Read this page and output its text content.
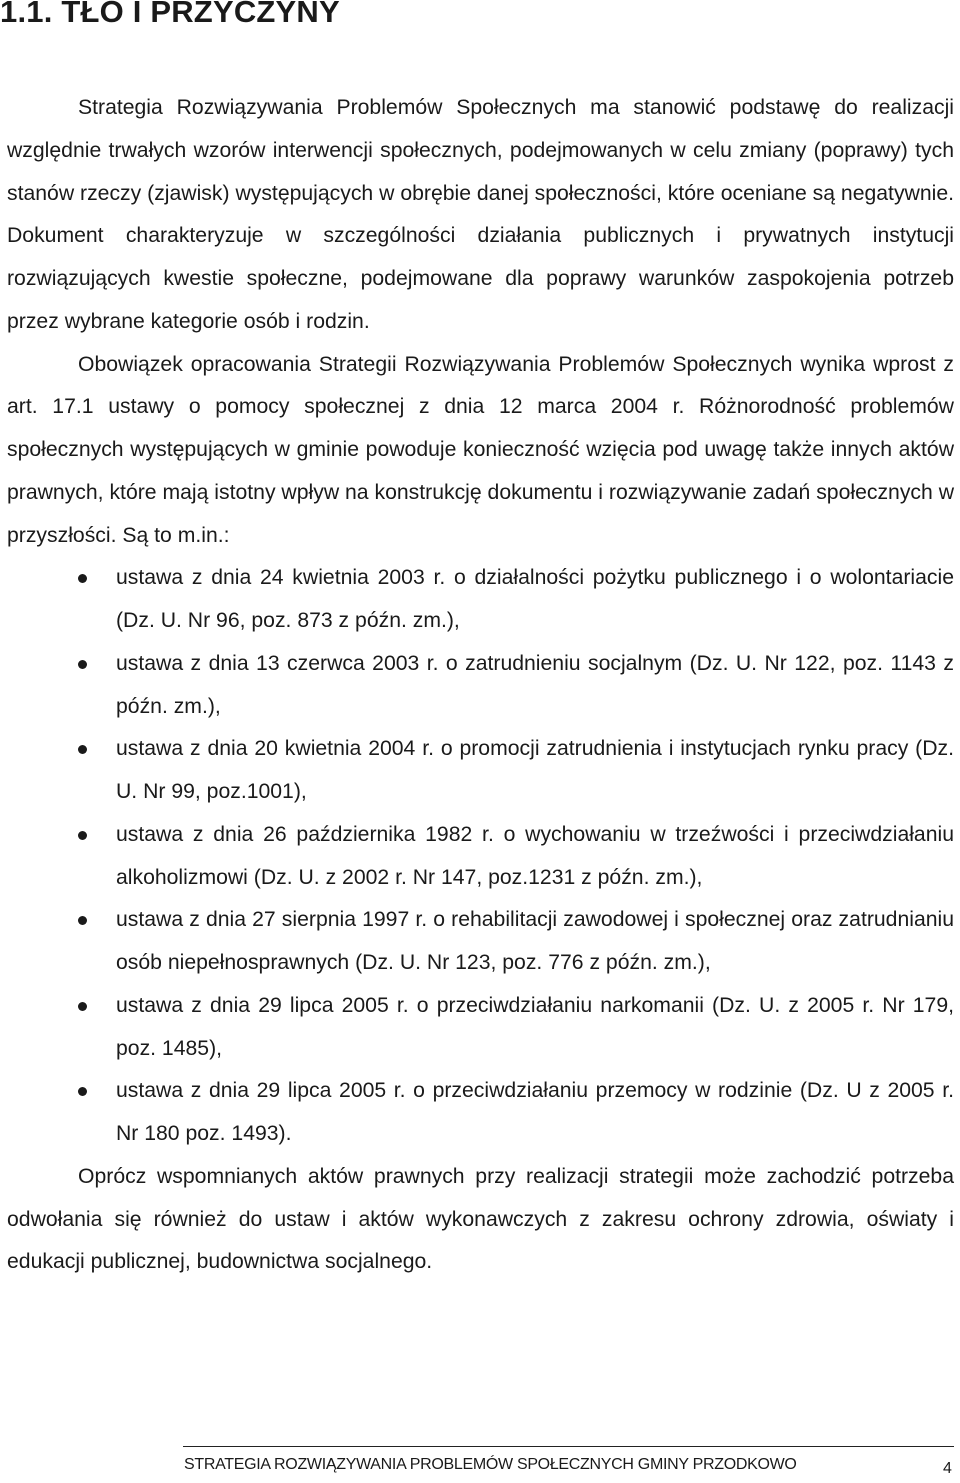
1.1. TŁO I PRZYCZYNY

Strategia Rozwiązywania Problemów Społecznych ma stanowić podstawę do realizacji względnie trwałych wzorów interwencji społecznych, podejmowanych w celu zmiany (poprawy) tych stanów rzeczy (zjawisk) występujących w obrębie danej społeczności, które oceniane są negatywnie. Dokument charakteryzuje w szczególności działania publicznych i prywatnych instytucji rozwiązujących kwestie społeczne, podejmowane dla poprawy warunków zaspokojenia potrzeb przez wybrane kategorie osób i rodzin.

Obowiązek opracowania Strategii Rozwiązywania Problemów Społecznych wynika wprost z art. 17.1 ustawy o pomocy społecznej z dnia 12 marca 2004 r. Różnorodność problemów społecznych występujących w gminie powoduje konieczność wzięcia pod uwagę także innych aktów prawnych, które mają istotny wpływ na konstrukcję dokumentu i rozwiązywanie zadań społecznych w przyszłości. Są to m.in.:

ustawa z dnia 24 kwietnia 2003 r. o działalności pożytku publicznego i o wolontariacie (Dz. U. Nr 96, poz. 873 z późn. zm.),
ustawa z dnia 13 czerwca 2003 r. o zatrudnieniu socjalnym (Dz. U. Nr 122, poz. 1143 z późn. zm.),
ustawa z dnia 20 kwietnia 2004 r. o promocji zatrudnienia i instytucjach rynku pracy (Dz. U. Nr 99, poz.1001),
ustawa z dnia 26 października 1982 r. o wychowaniu w trzeźwości i przeciwdziałaniu alkoholizmowi (Dz. U. z 2002 r. Nr 147, poz.1231 z późn. zm.),
ustawa z dnia 27 sierpnia 1997 r. o rehabilitacji zawodowej i społecznej oraz zatrudnianiu osób niepełnosprawnych (Dz. U. Nr 123, poz. 776 z późn. zm.),
ustawa z dnia 29 lipca 2005 r. o przeciwdziałaniu narkomanii (Dz. U. z 2005 r. Nr 179, poz. 1485),
ustawa z dnia 29 lipca 2005 r. o przeciwdziałaniu przemocy w rodzinie (Dz. U z 2005 r. Nr 180 poz. 1493).

Oprócz wspomnianych aktów prawnych przy realizacji strategii może zachodzić potrzeba odwołania się również do ustaw i aktów wykonawczych z zakresu ochrony zdrowia, oświaty i edukacji publicznej, budownictwa socjalnego.

STRATEGIA ROZWIĄZYWANIA PROBLEMÓW SPOŁECZNYCH GMINY PRZODKOWO	4
